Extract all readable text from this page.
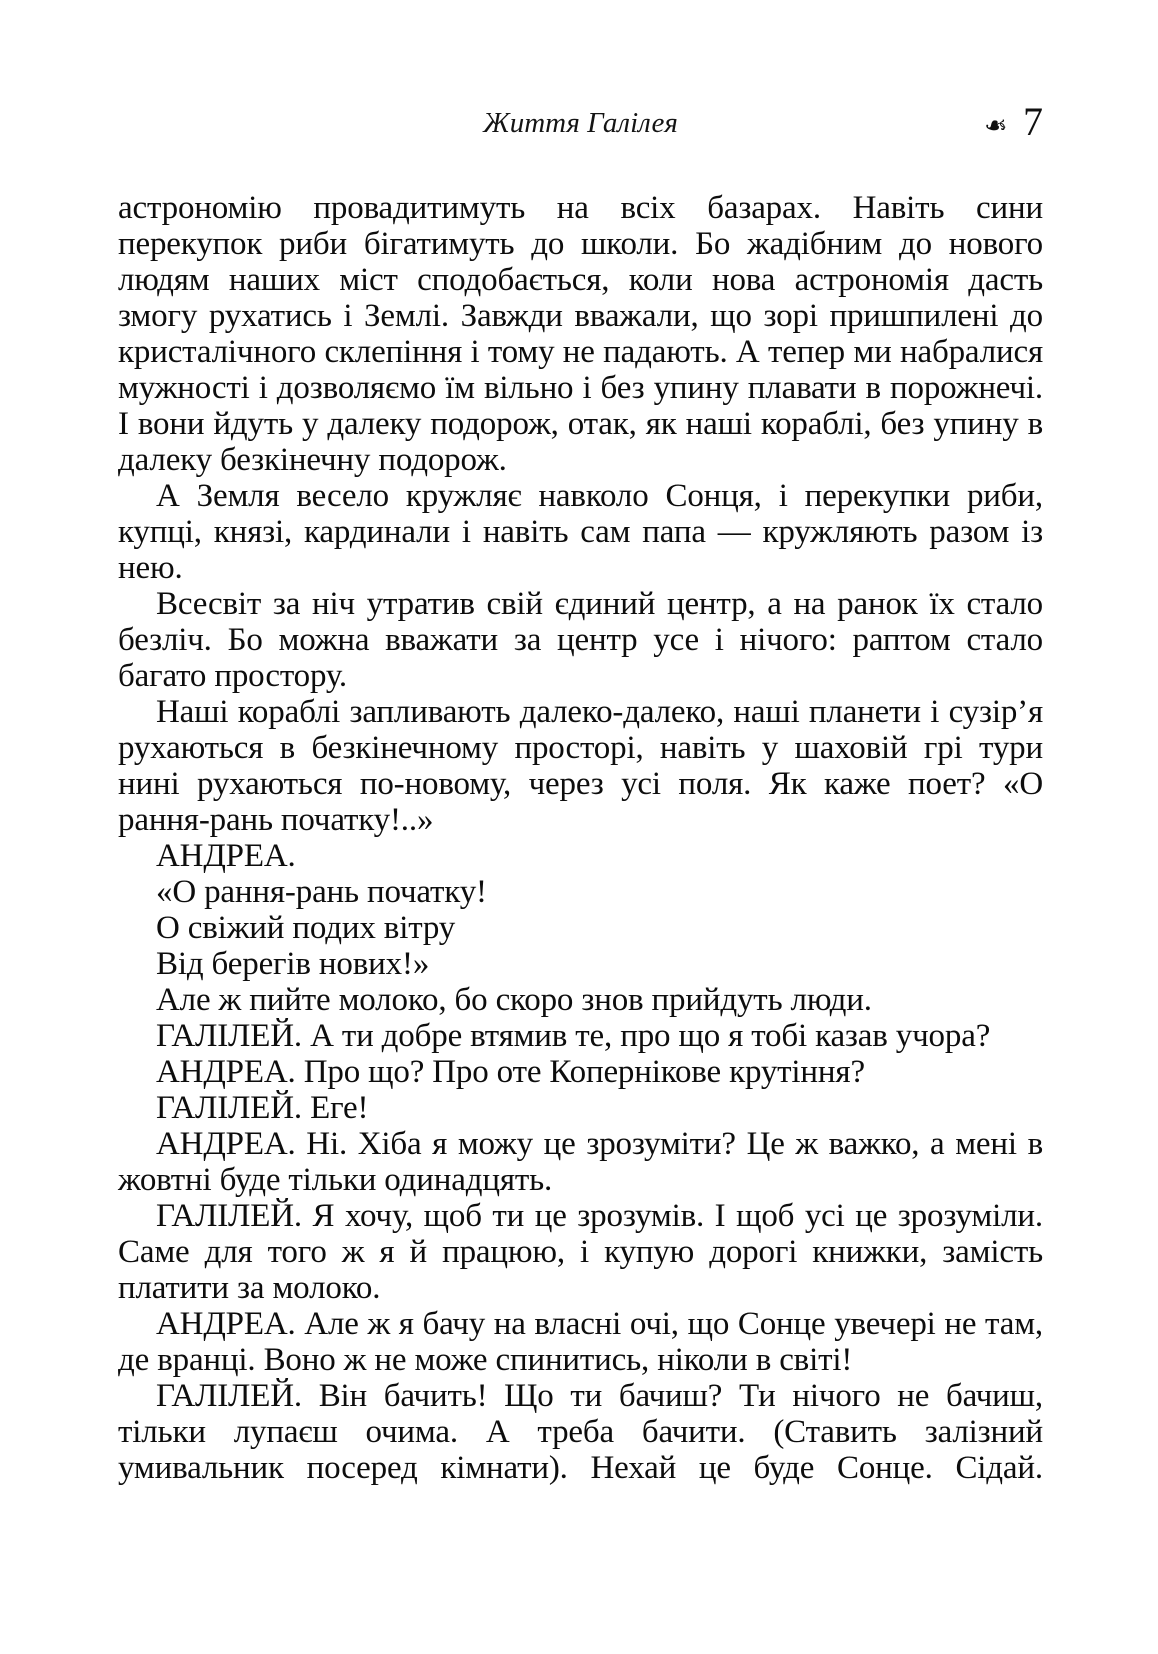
Життя Галілея	❧ 7

астрономію провадитимуть на всіх базарах. Навіть сини перекупок риби бігатимуть до школи. Бо жадібним до нового людям наших міст сподобається, коли нова астрономія дасть змогу рухатись і Землі. Завжди вважали, що зорі пришпилені до кристалічного склепіння і тому не падають. А тепер ми набралися мужності і дозволяємо їм вільно і без упину плавати в порожнечі. І вони йдуть у далеку подорож, отак, як наші кораблі, без упину в далеку безкінечну подорож.

А Земля весело кружляє навколо Сонця, і перекупки риби, купці, князі, кардинали і навіть сам папа — кружляють разом із нею.

Всесвіт за ніч утратив свій єдиний центр, а на ранок їх стало безліч. Бо можна вважати за центр усе і нічого: раптом стало багато простору.

Наші кораблі запливають далеко-далеко, наші планети і сузір’я рухаються в безкінечному просторі, навіть у шаховій грі тури нині рухаються по-новому, через усі поля. Як каже поет? «О рання-рань початку!..»

АНДРЕА.

«О рання-рань початку!

О свіжий подих вітру

Від берегів нових!»

Але ж пийте молоко, бо скоро знов прийдуть люди.

ГАЛІЛЕЙ. А ти добре втямив те, про що я тобі казав учора?

АНДРЕА. Про що? Про оте Копернікове крутіння?

ГАЛІЛЕЙ. Еге!

АНДРЕА. Ні. Хіба я можу це зрозуміти? Це ж важко, а мені в жовтні буде тільки одинадцять.

ГАЛІЛЕЙ. Я хочу, щоб ти це зрозумів. І щоб усі це зрозуміли. Саме для того ж я й працюю, і купую дорогі книжки, замість платити за молоко.

АНДРЕА. Але ж я бачу на власні очі, що Сонце увечері не там, де вранці. Воно ж не може спинитись, ніколи в світі!

ГАЛІЛЕЙ. Він бачить! Що ти бачиш? Ти нічого не бачиш, тільки лупаєш очима. А треба бачити. (Ставить залізний умивальник посеред кімнати). Нехай це буде Сонце. Сідай.
